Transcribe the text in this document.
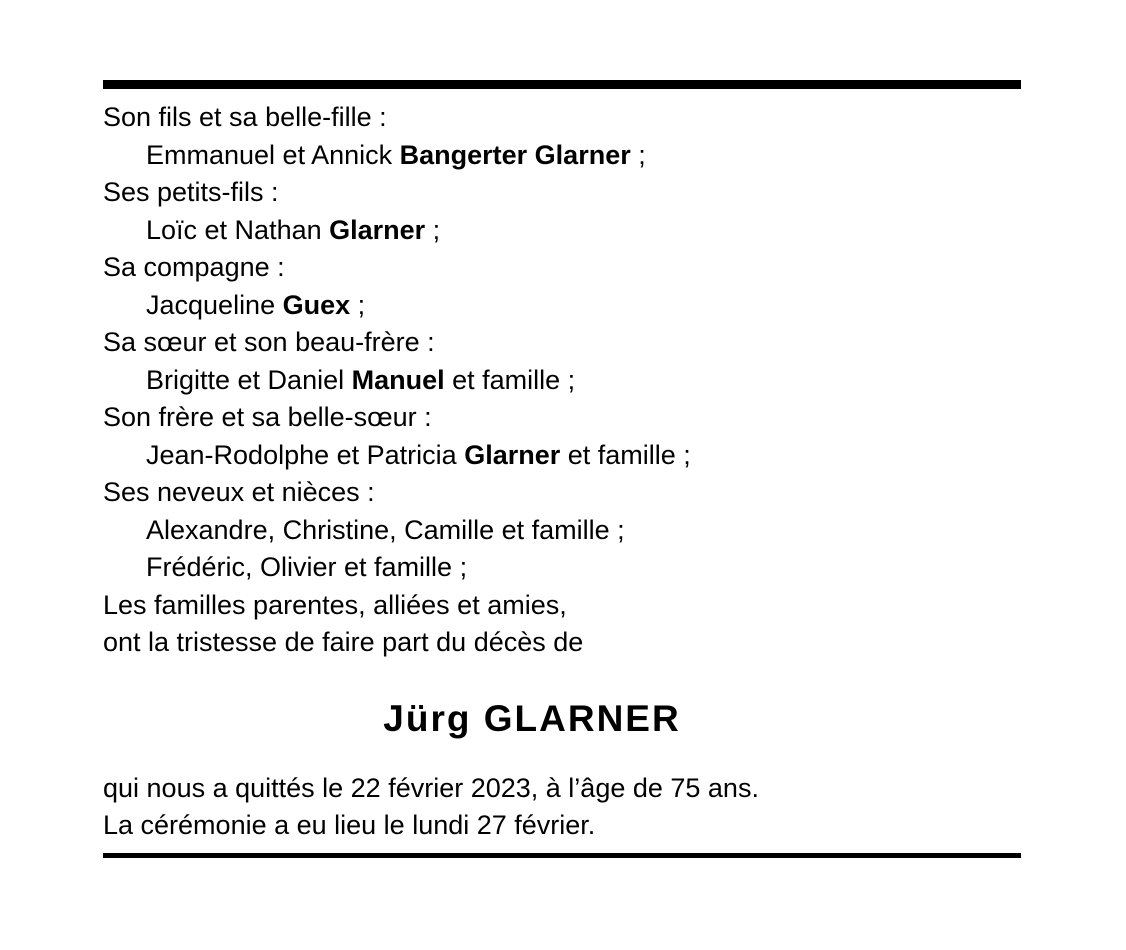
Son fils et sa belle-fille :
Emmanuel et Annick Bangerter Glarner ;
Ses petits-fils :
Loïc et Nathan Glarner ;
Sa compagne :
Jacqueline Guex ;
Sa sœur et son beau-frère :
Brigitte et Daniel Manuel et famille ;
Son frère et sa belle-sœur :
Jean-Rodolphe et Patricia Glarner et famille ;
Ses neveux et nièces :
Alexandre, Christine, Camille et famille ;
Frédéric, Olivier et famille ;
Les familles parentes, alliées et amies,
ont la tristesse de faire part du décès de
Jürg GLARNER
qui nous a quittés le 22 février 2023, à l’âge de 75 ans.
La cérémonie a eu lieu le lundi 27 février.
